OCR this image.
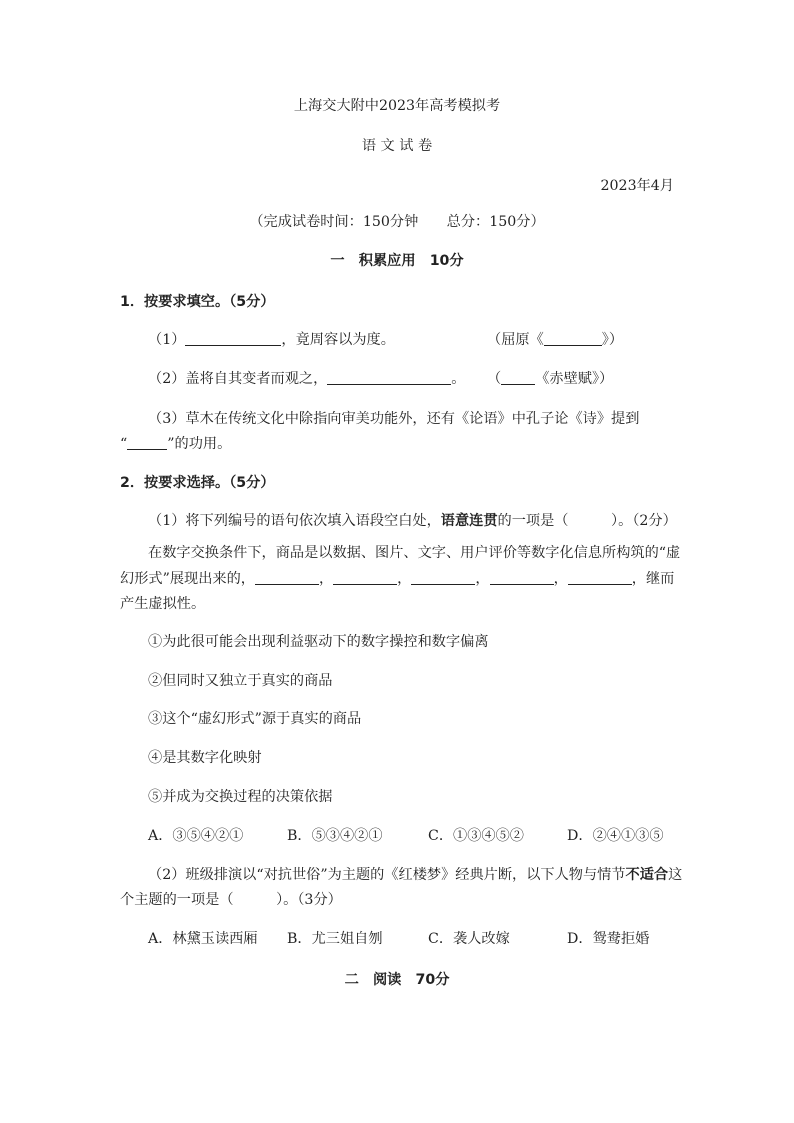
上海交大附中2023年高考模拟考
语 文 试 卷
2023年4月
（完成试卷时间：150分钟　　总分：150分）
一　积累应用　10分
1．按要求填空。（5分）
（1）	，竟周容以为度。	（屈原《	》）
（2）盖将自其变者而观之，	。 （ 《赤壁赋》）
（3）草木在传统文化中除指向审美功能外，还有《论语》中孔子论《诗》提到
“	”的功用。
2．按要求选择。（5分）
（1）将下列编号的语句依次填入语段空白处，语意连贯的一项是（　　　）。（2分）
在数字交换条件下，商品是以数据、图片、文字、用户评价等数字化信息所构筑的“虚
幻形式”展现出来的，	，	，	，	，	，继而
产生虚拟性。
①为此很可能会出现利益驱动下的数字操控和数字偏离
②但同时又独立于真实的商品
③这个“虚幻形式”源于真实的商品
④是其数字化映射
⑤并成为交换过程的决策依据
A．③⑤④②①	B．⑤③④②①	C．①③④⑤②	D．②④①③⑤
（2）班级排演以“对抗世俗”为主题的《红楼梦》经典片断，以下人物与情节不适合这
个主题的一项是（　　　）。（3分）
A．林黛玉读西厢 B．尤三姐自刎	C．袭人改嫁	D．鸳鸯拒婚
二　阅读　70分
